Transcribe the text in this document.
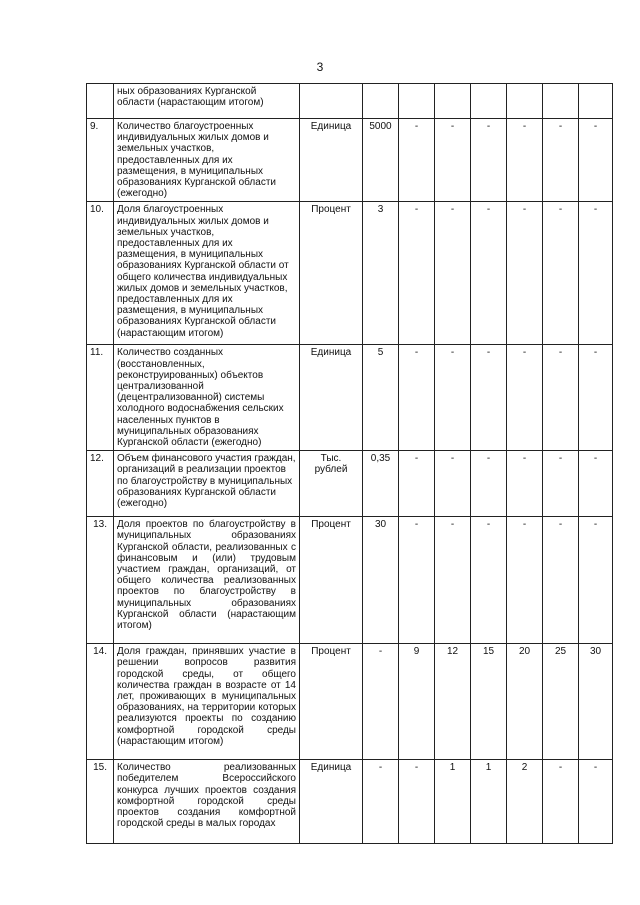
3
	ных образованиях Курганской области (нарастающим итогом)								
9.	Количество благоустроенных индивидуальных жилых домов и земельных участков, предоставленных для их размещения, в муниципальных образованиях Курганской области (ежегодно)	Единица	5000	-	-	-	-	-	-
10.	Доля благоустроенных индивидуальных жилых домов и земельных участков, предоставленных для их размещения, в муниципальных образованиях Курганской области от общего количества индивидуальных жилых домов и земельных участков, предоставленных для их размещения, в муниципальных образованиях Курганской области (нарастающим итогом)	Процент	3	-	-	-	-	-	-
11.	Количество созданных (восстановленных, реконструированных) объектов централизованной (децентрализованной) системы холодного водоснабжения сельских населенных пунктов в муниципальных образованиях Курганской области (ежегодно)	Единица	5	-	-	-	-	-	-
12.	Объем финансового участия граждан, организаций в реализации проектов по благоустройству в муниципальных образованиях Курганской области (ежегодно)	Тыс. рублей	0,35	-	-	-	-	-	-
13.	Доля проектов по благоустройству в муниципальных образованиях Курганской области, реализованных с финансовым и (или) трудовым участием граждан, организаций, от общего количества реализованных проектов по благоустройству в муниципальных образованиях Курганской области (нарастающим итогом)	Процент	30	-	-	-	-	-	-
14.	Доля граждан, принявших участие в решении вопросов развития городской среды, от общего количества граждан в возрасте от 14 лет, проживающих в муниципальных образованиях, на территории которых реализуются проекты по созданию комфортной городской среды (нарастающим итогом)	Процент	-	9	12	15	20	25	30
15.	Количество реализованных победителем Всероссийского конкурса лучших проектов создания комфортной городской среды проектов создания комфортной городской среды в малых городах	Единица	-	-	1	1	2	-	-
